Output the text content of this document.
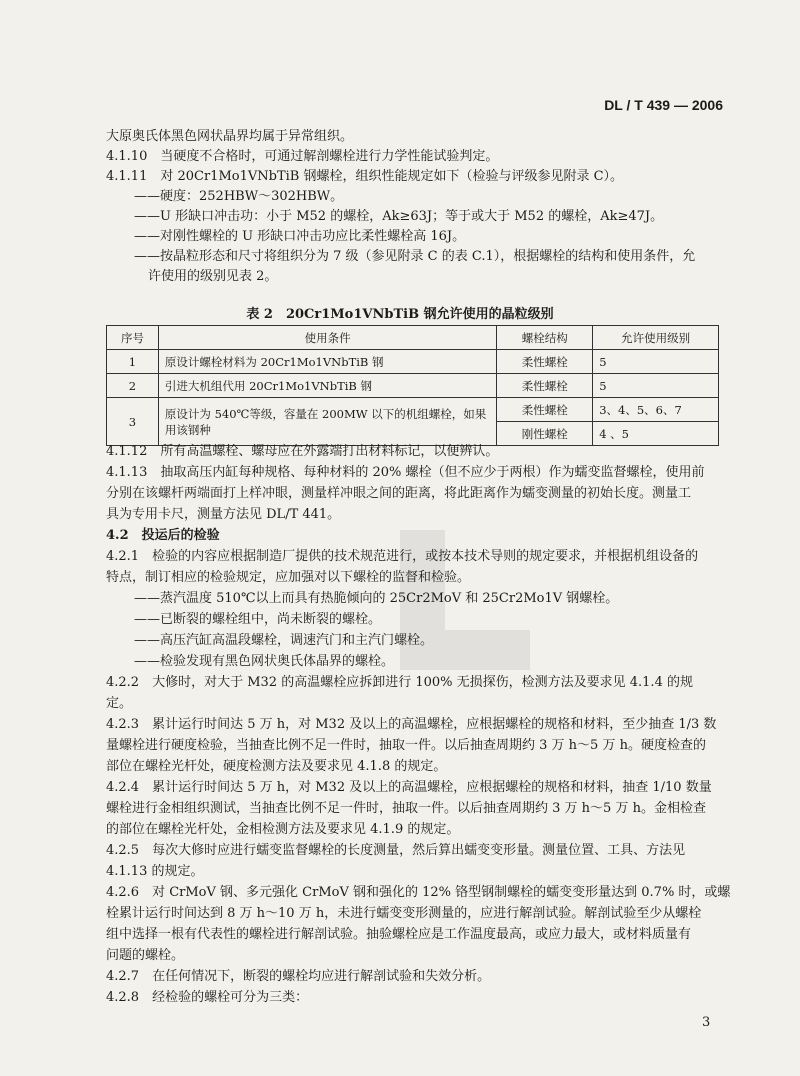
DL / T 439 — 2006
大原奥氏体黑色网状晶界均属于异常组织。
4.1.10　当硬度不合格时，可通过解剖螺栓进行力学性能试验判定。
4.1.11　对 20Cr1Mo1VNbTiB 钢螺栓，组织性能规定如下（检验与评级参见附录 C）。
——硬度：252HBW～302HBW。
——U 形缺口冲击功：小于 M52 的螺栓，Ak≥63J；等于或大于 M52 的螺栓，Ak≥47J。
——对刚性螺栓的 U 形缺口冲击功应比柔性螺栓高 16J。
——按晶粒形态和尺寸将组织分为 7 级（参见附录 C 的表 C.1），根据螺栓的结构和使用条件，允
许使用的级别见表 2。
表 2　20Cr1Mo1VNbTiB 钢允许使用的晶粒级别
序号	使用条件	螺栓结构	允许使用级别
1	原设计螺栓材料为 20Cr1Mo1VNbTiB 钢	柔性螺栓	5
2	引进大机组代用 20Cr1Mo1VNbTiB 钢	柔性螺栓	5
3	原设计为 540℃等级，容量在 200MW 以下的机组螺栓，如果用该钢种	柔性螺栓	3、4、5、6、7
		刚性螺栓	4 、5
4.1.12　所有高温螺栓、螺母应在外露端打出材料标记，以便辨认。
4.1.13　抽取高压内缸每种规格、每种材料的 20% 螺栓（但不应少于两根）作为蠕变监督螺栓，使用前
分别在该螺杆两端面打上样冲眼，测量样冲眼之间的距离，将此距离作为蠕变测量的初始长度。测量工
具为专用卡尺，测量方法见 DL/T 441。
4.2　投运后的检验
4.2.1　检验的内容应根据制造厂提供的技术规范进行，或按本技术导则的规定要求，并根据机组设备的
特点，制订相应的检验规定，应加强对以下螺栓的监督和检验。
——蒸汽温度 510℃以上而具有热脆倾向的 25Cr2MoV 和 25Cr2Mo1V 钢螺栓。
——已断裂的螺栓组中，尚未断裂的螺栓。
——高压汽缸高温段螺栓，调速汽门和主汽门螺栓。
——检验发现有黑色网状奥氏体晶界的螺栓。
4.2.2　大修时，对大于 M32 的高温螺栓应拆卸进行 100% 无损探伤，检测方法及要求见 4.1.4 的规
定。
4.2.3　累计运行时间达 5 万 h，对 M32 及以上的高温螺栓，应根据螺栓的规格和材料，至少抽查 1/3 数
量螺栓进行硬度检验，当抽查比例不足一件时，抽取一件。以后抽查周期约 3 万 h～5 万 h。硬度检查的
部位在螺栓光杆处，硬度检测方法及要求见 4.1.8 的规定。
4.2.4　累计运行时间达 5 万 h，对 M32 及以上的高温螺栓，应根据螺栓的规格和材料，抽查 1/10 数量
螺栓进行金相组织测试，当抽查比例不足一件时，抽取一件。以后抽查周期约 3 万 h～5 万 h。金相检查
的部位在螺栓光杆处，金相检测方法及要求见 4.1.9 的规定。
4.2.5　每次大修时应进行蠕变监督螺栓的长度测量，然后算出蠕变变形量。测量位置、工具、方法见
4.1.13 的规定。
4.2.6　对 CrMoV 钢、多元强化 CrMoV 钢和强化的 12% 铬型钢制螺栓的蠕变变形量达到 0.7% 时，或螺
栓累计运行时间达到 8 万 h～10 万 h，未进行蠕变变形测量的，应进行解剖试验。解剖试验至少从螺栓
组中选择一根有代表性的螺栓进行解剖试验。抽验螺栓应是工作温度最高，或应力最大，或材料质量有
问题的螺栓。
4.2.7　在任何情况下，断裂的螺栓均应进行解剖试验和失效分析。
4.2.8　经检验的螺栓可分为三类：
3
